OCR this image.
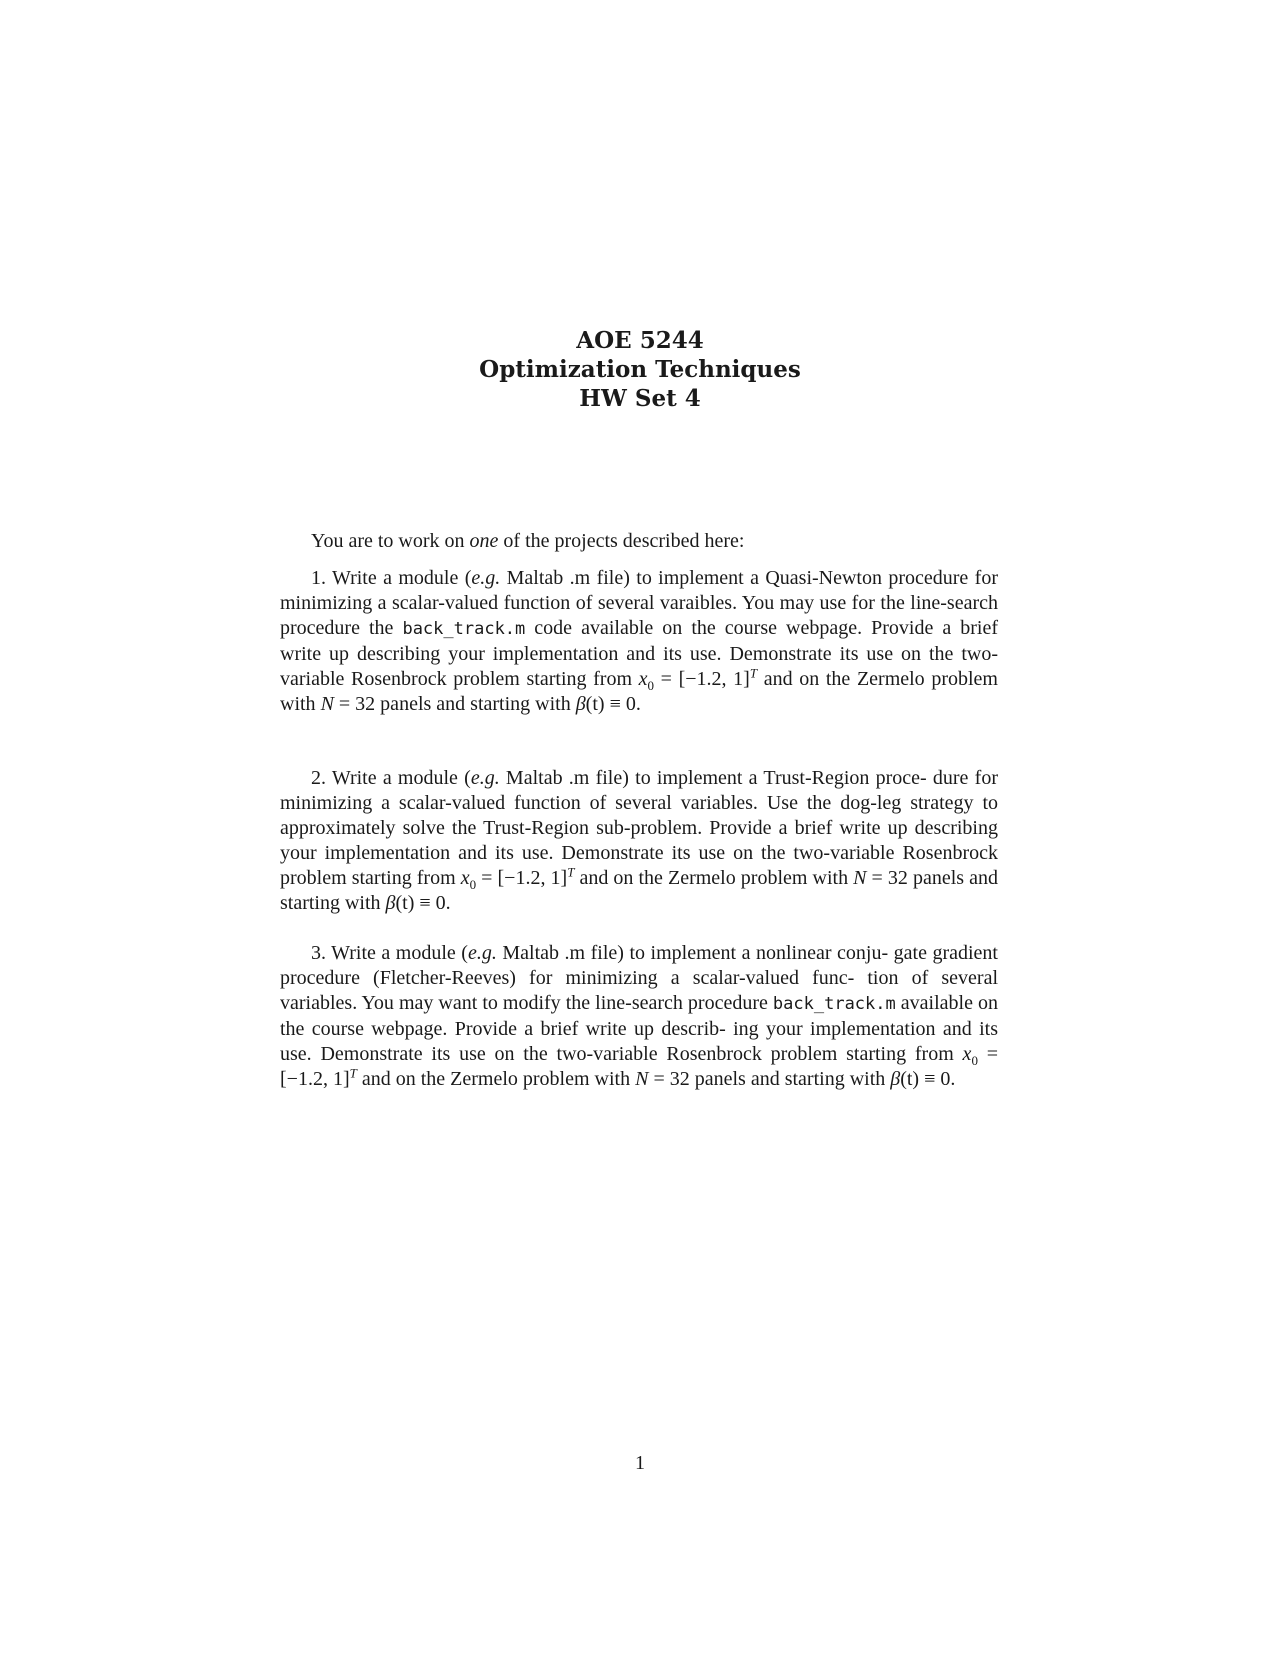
AOE 5244
Optimization Techniques
HW Set 4
You are to work on one of the projects described here:

1. Write a module (e.g. Maltab .m file) to implement a Quasi-Newton procedure for minimizing a scalar-valued function of several varaibles. You may use for the line-search procedure the back_track.m code available on the course webpage. Provide a brief write up describing your implementation and its use. Demonstrate its use on the two-variable Rosenbrock problem starting from $x_0 = [-1.2$, 1]$^T$ and on the Zermelo problem with N = 32 panels and starting with β(t) ≡ 0.

2. Write a module (e.g. Maltab .m file) to implement a Trust-Region proce- dure for minimizing a scalar-valued function of several variables. Use the dog-leg strategy to approximately solve the Trust-Region sub-problem. Provide a brief write up describing your implementation and its use. Demonstrate its use on the two-variable Rosenbrock problem starting from $x_0 = [-1.2$, 1]$^T$ and on the Zermelo problem with N = 32 panels and starting with β(t) ≡ 0.

3. Write a module (e.g. Maltab .m file) to implement a nonlinear conju- gate gradient procedure (Fletcher-Reeves) for minimizing a scalar-valued func- tion of several variables. You may want to modify the line-search procedure back_track.m available on the course webpage. Provide a brief write up describ- ing your implementation and its use. Demonstrate its use on the two-variable Rosenbrock problem starting from $x_0 = [-1.2$, 1]$^T$ and on the Zermelo problem with N = 32 panels and starting with β(t) ≡ 0.

1
